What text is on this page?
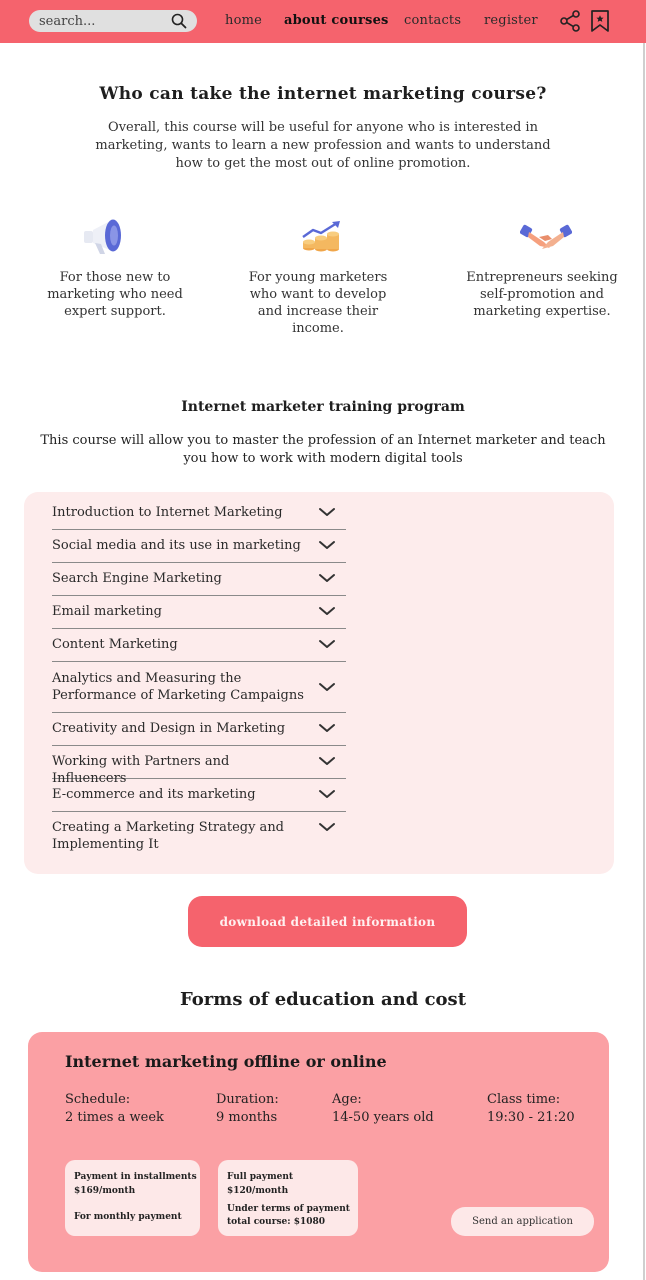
search...
home about courses contacts register
Who can take the internet marketing course?
Overall, this course will be useful for anyone who is interested in
marketing, wants to learn a new profession and wants to understand
how to get the most out of online promotion.
For those new to
marketing who need
expert support.
For young marketers
who want to develop
and increase their
income.
Entrepreneurs seeking
self-promotion and
marketing expertise.
Internet marketer training program
This course will allow you to master the profession of an Internet marketer and teach
you how to work with modern digital tools
Introduction to Internet Marketing
Social media and its use in marketing
Search Engine Marketing
Email marketing
Content Marketing
Analytics and Measuring the
Performance of Marketing Campaigns
Creativity and Design in Marketing
Working with Partners and Influencers
E-commerce and its marketing
Creating a Marketing Strategy and
Implementing It
download detailed information
Forms of education and cost
Internet marketing offline or online
Schedule:
2 times a week
Duration:
9 months
Age:
14-50 years old
Class time:
19:30 - 21:20
Payment in installments
$169/month
For monthly payment
Full payment
$120/month
Under terms of payment
total course: $1080	Send an application
